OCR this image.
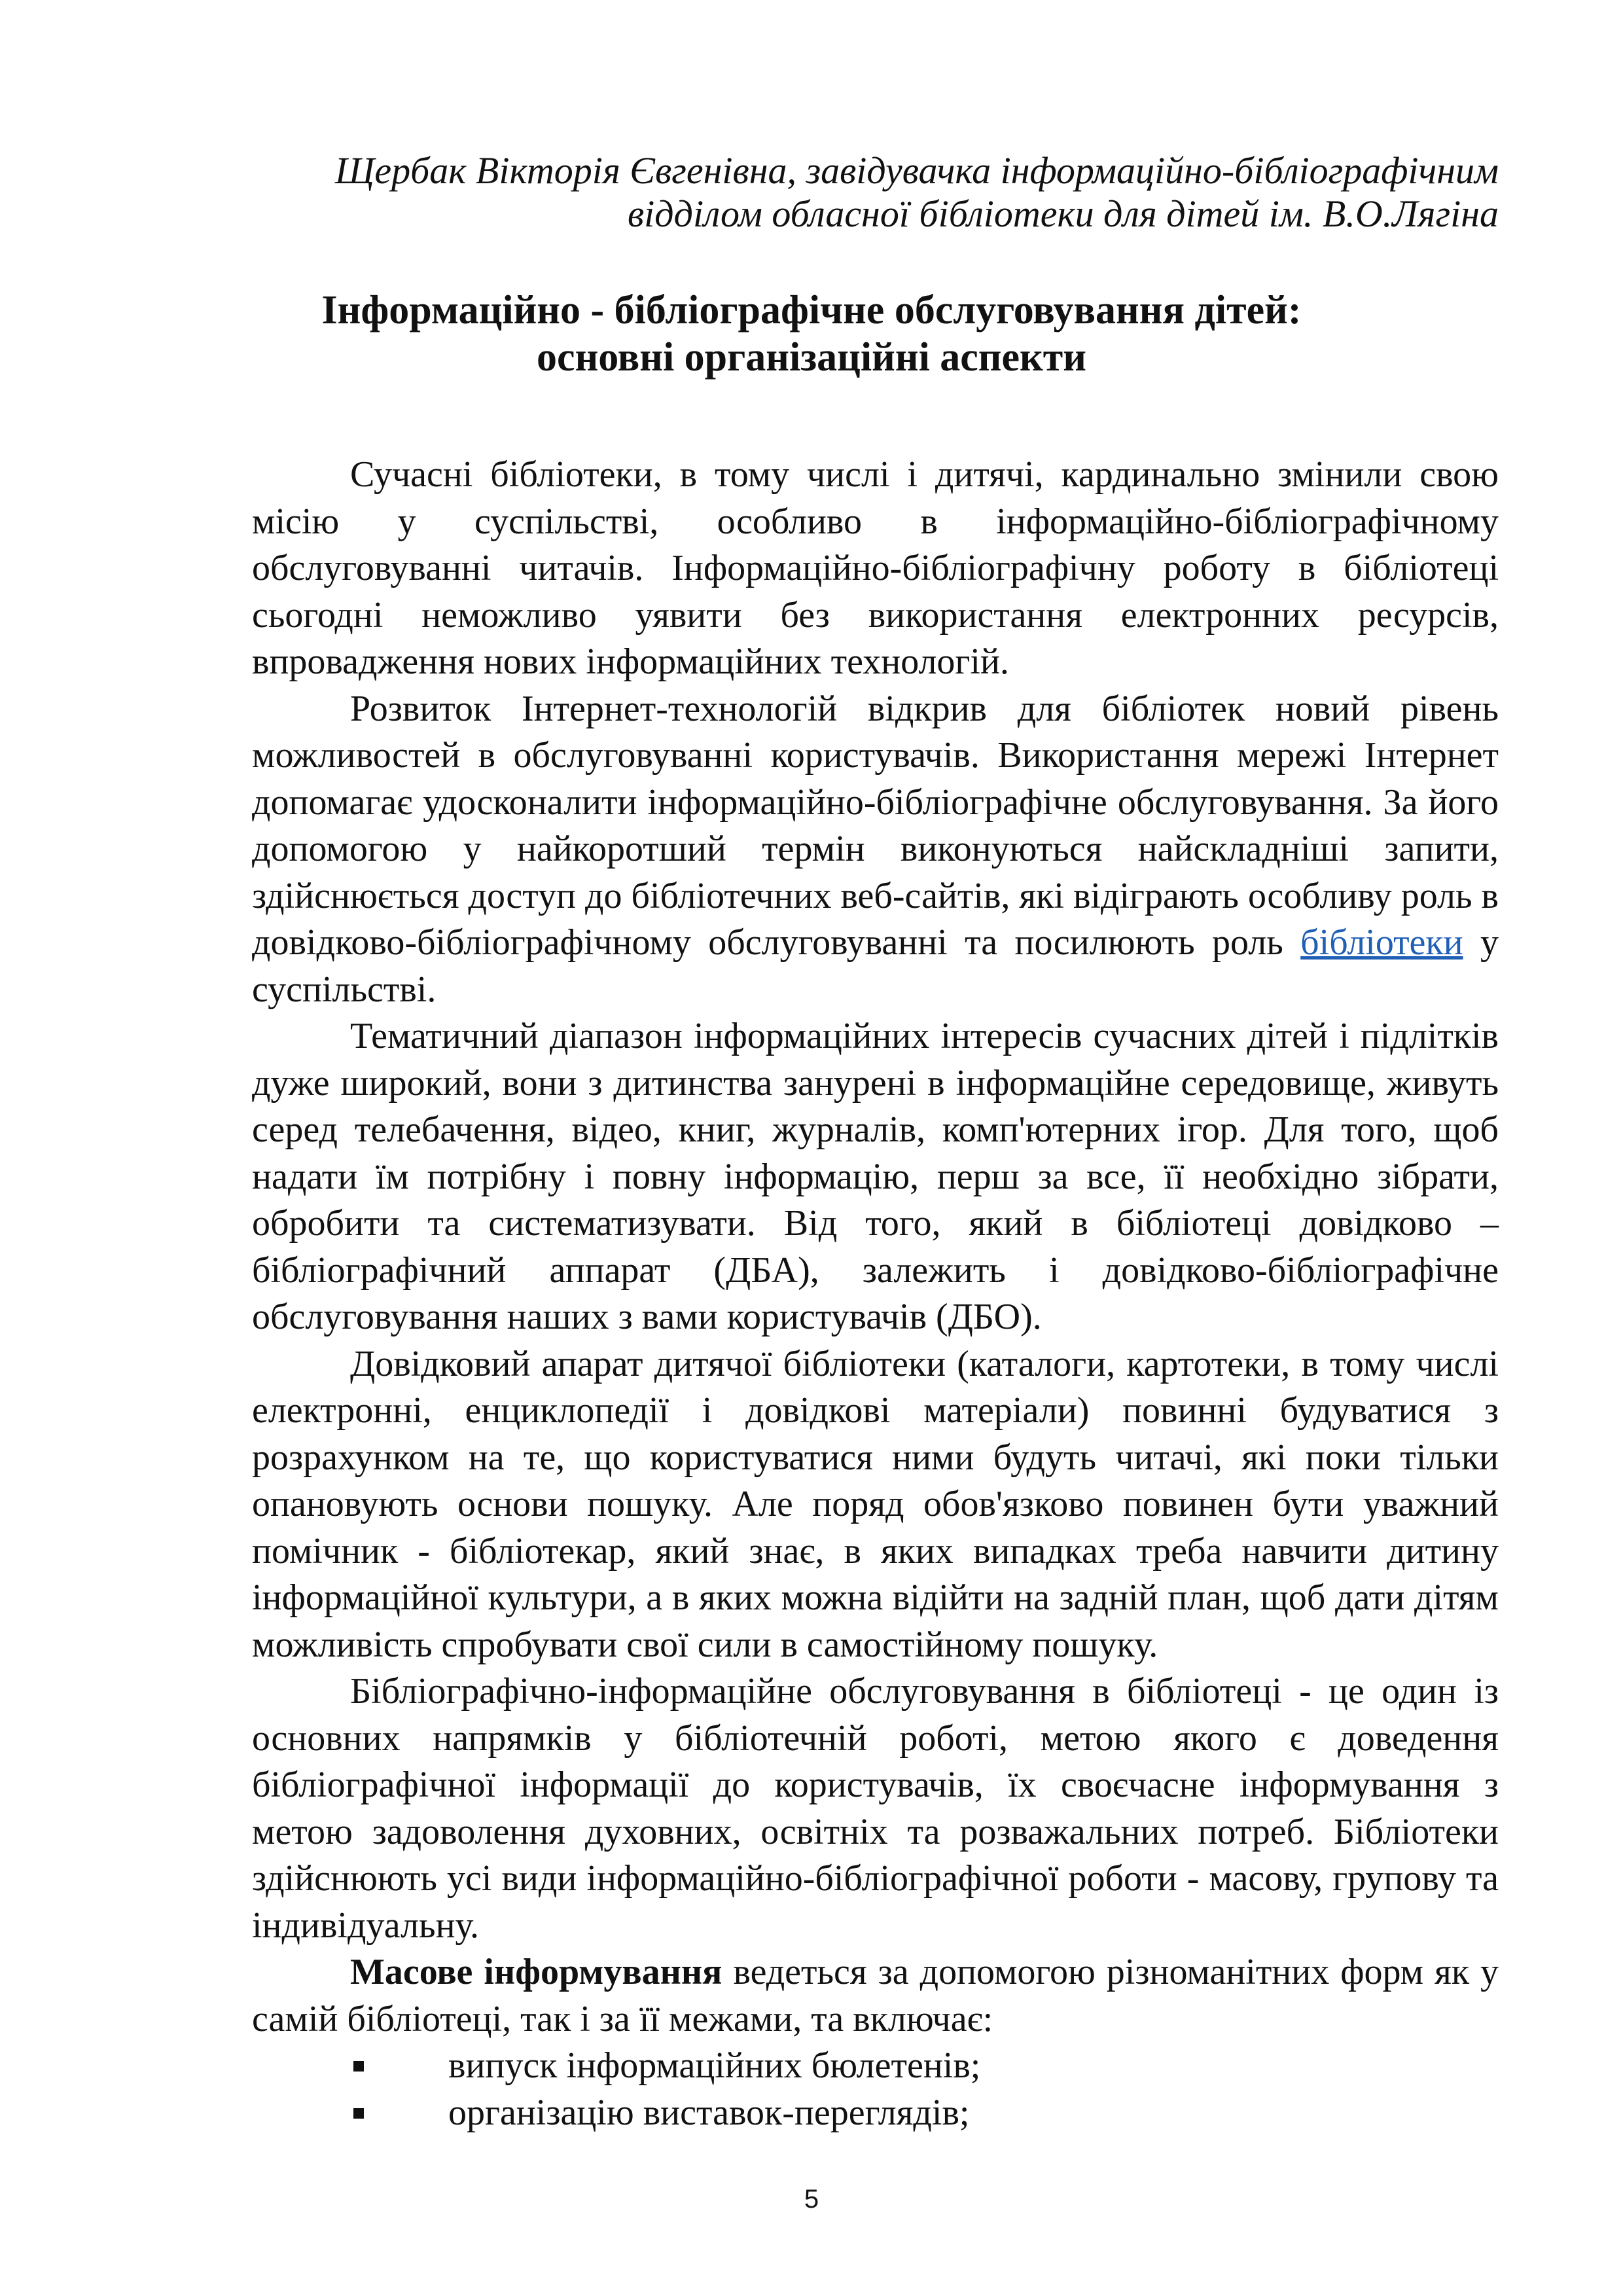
Щербак Вікторія Євгенівна, завідувачка інформаційно-бібліографічним
відділом обласної бібліотеки для дітей ім. В.О.Лягіна
Інформаційно - бібліографічне обслуговування дітей:
основні організаційні аспекти

Сучасні бібліотеки, в тому числі і дитячі, кардинально змінили свою місію у суспільстві, особливо в інформаційно-бібліографічному обслуговуванні читачів. Інформаційно-бібліографічну роботу в бібліотеці сьогодні неможливо уявити без використання електронних ресурсів, впровадження нових інформаційних технологій.

Розвиток Інтернет-технологій відкрив для бібліотек новий рівень можливостей в обслуговуванні користувачів. Використання мережі Інтернет допомагає удосконалити інформаційно-бібліографічне обслуговування. За його допомогою у найкоротший термін виконуються найскладніші запити, здійснюється доступ до бібліотечних веб-сайтів, які відіграють особливу роль в довідково-бібліографічному обслуговуванні та посилюють роль бібліотеки у суспільстві.

Тематичний діапазон інформаційних інтересів сучасних дітей і підлітків дуже широкий, вони з дитинства занурені в інформаційне середовище, живуть серед телебачення, відео, книг, журналів, комп'ютерних ігор. Для того, щоб надати їм потрібну і повну інформацію, перш за все, її необхідно зібрати, обробити та систематизувати. Від того, який в бібліотеці довідково – бібліографічний аппарат (ДБА), залежить і довідково-бібліографічне обслуговування наших з вами користувачів (ДБО).

Довідковий апарат дитячої бібліотеки (каталоги, картотеки, в тому числі електронні, енциклопедії і довідкові матеріали) повинні будуватися з розрахунком на те, що користуватися ними будуть читачі, які поки тільки опановують основи пошуку. Але поряд обов'язково повинен бути уважний помічник - бібліотекар, який знає, в яких випадках треба навчити дитину інформаційної культури, а в яких можна відійти на задній план, щоб дати дітям можливість спробувати свої сили в самостійному пошуку.

Бібліографічно-інформаційне обслуговування в бібліотеці - це один із основних напрямків у бібліотечній роботі, метою якого є доведення бібліографічної інформації до користувачів, їх своєчасне інформування з метою задоволення духовних, освітніх та розважальних потреб. Бібліотеки здійснюють усі види інформаційно-бібліографічної роботи - масову, групову та індивідуальну.

Масове інформування ведеться за допомогою різноманітних форм як у самій бібліотеці, так і за її межами, та включає:

випуск інформаційних бюлетенів;
організацію виставок-переглядів;
5
